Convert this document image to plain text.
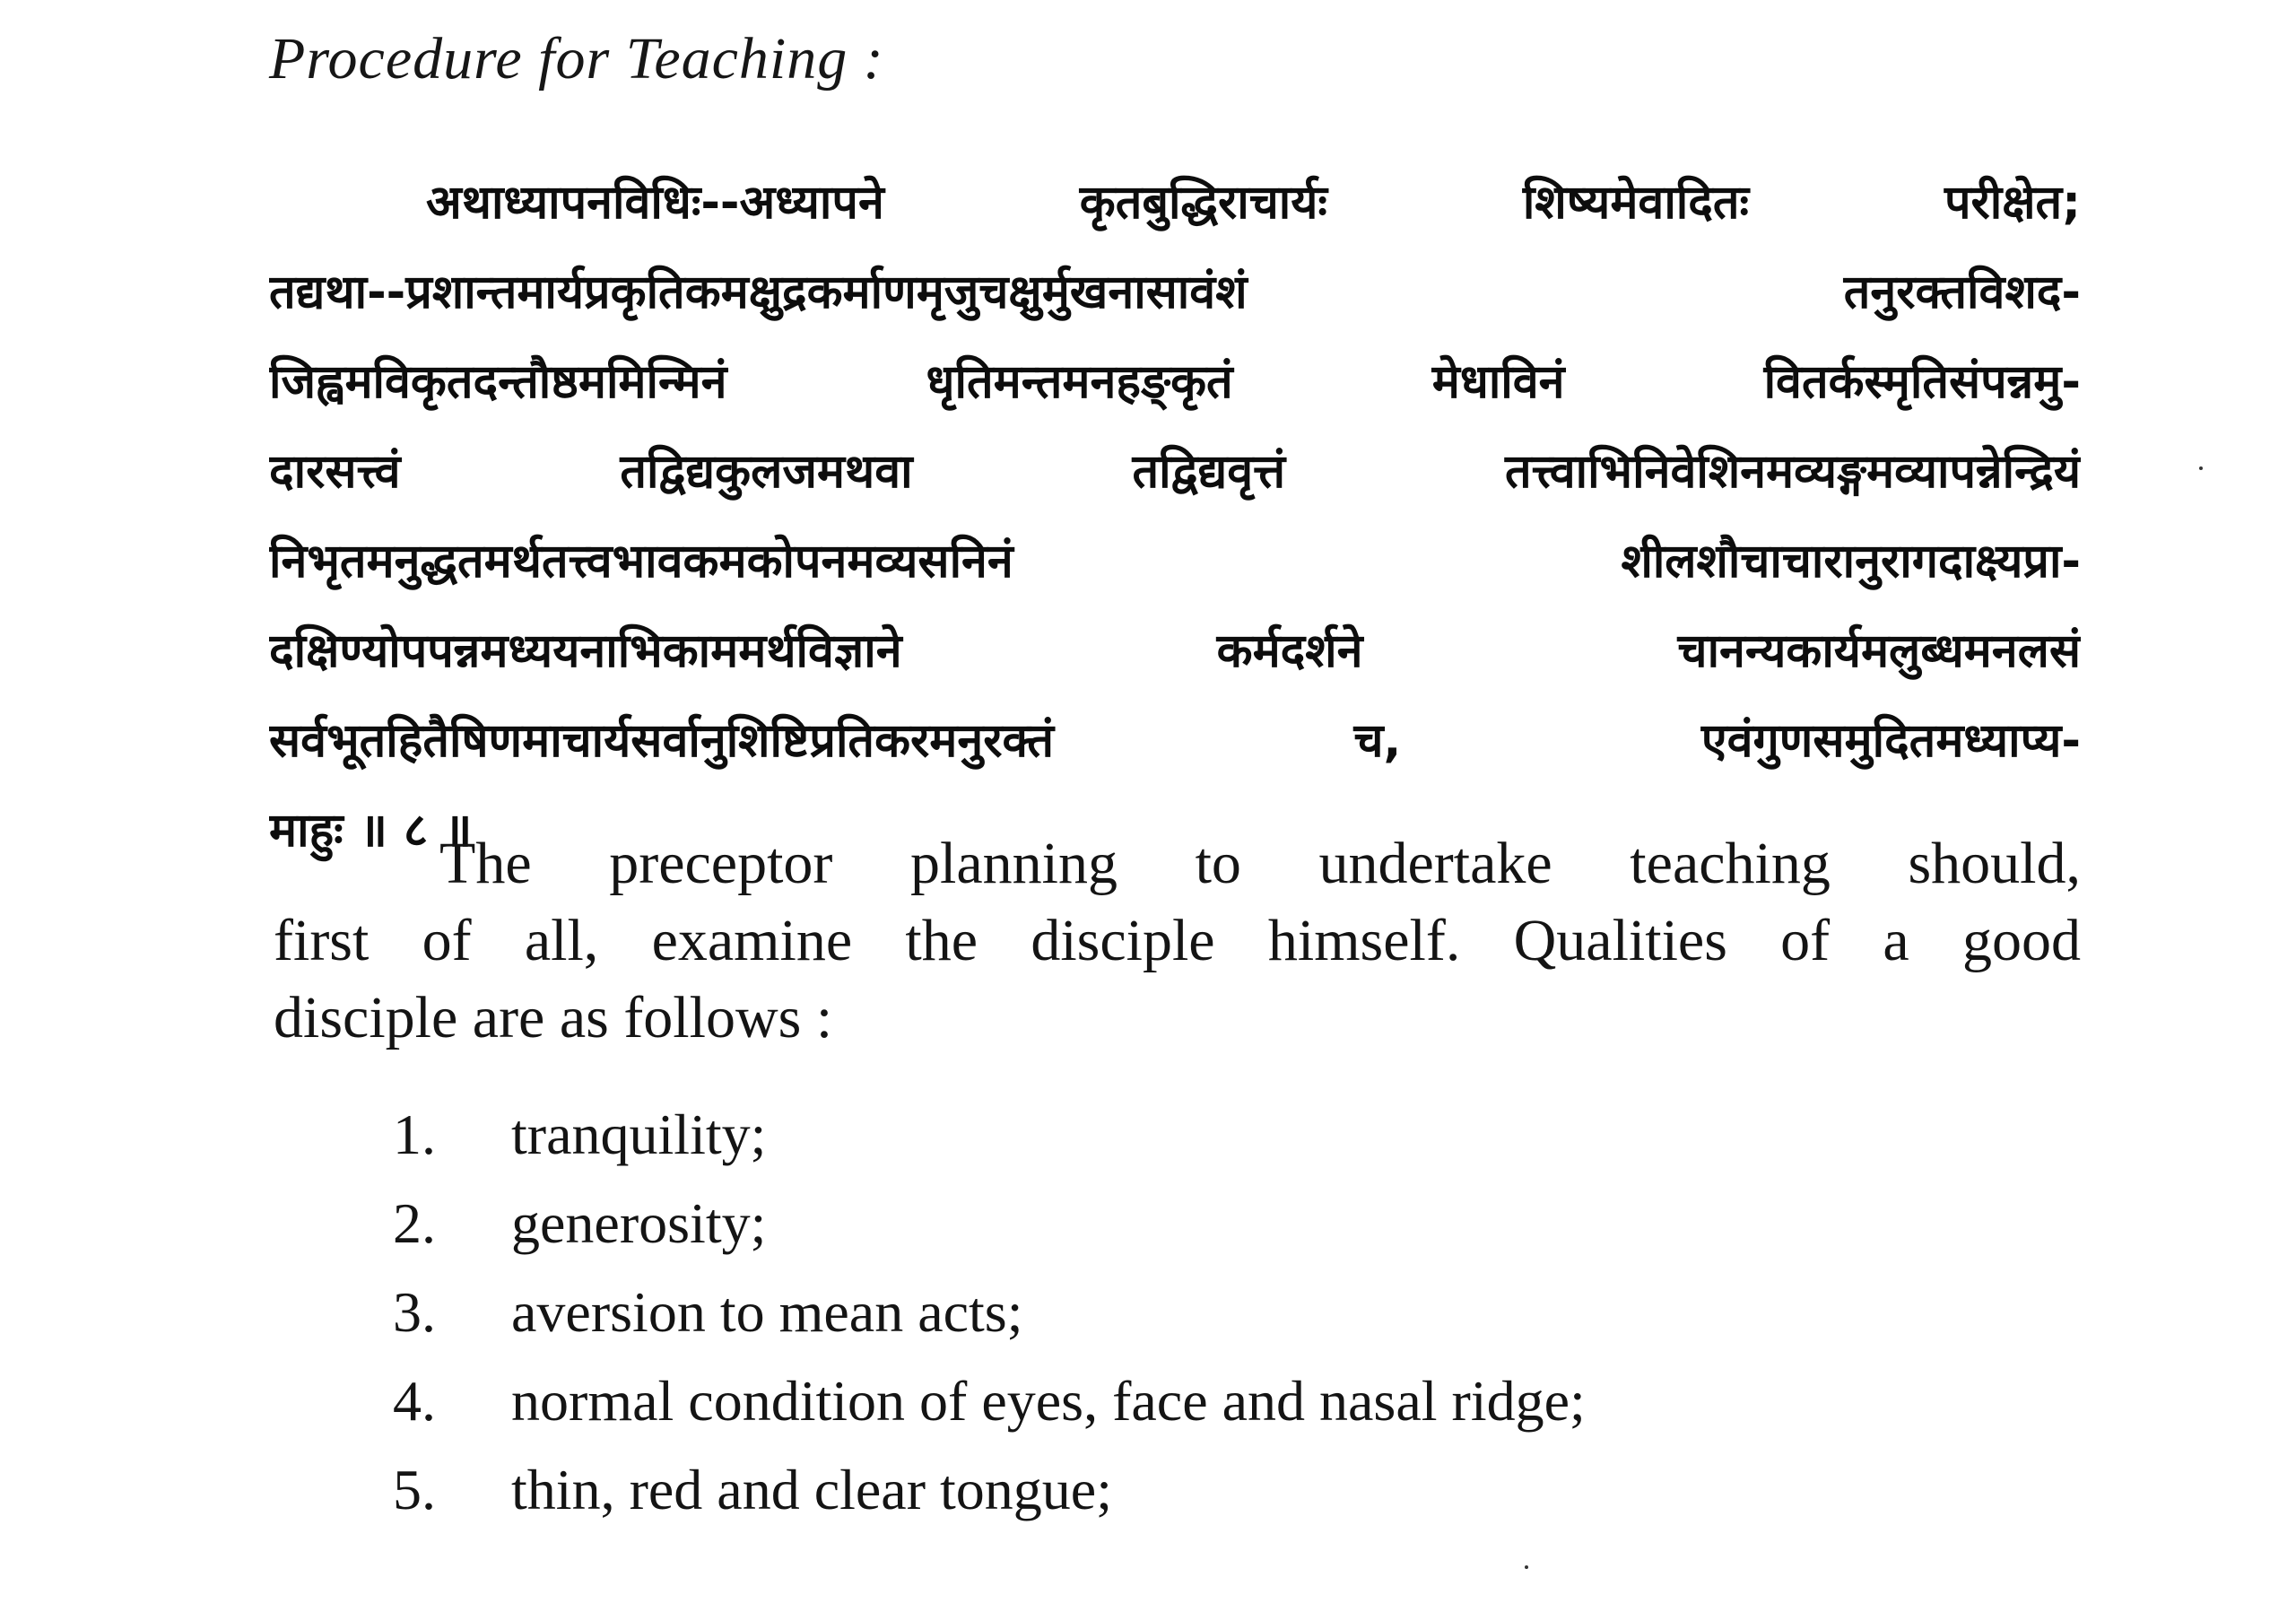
Procedure for Teaching :
अथाध्यापनविधिः--अध्यापने कृतबुद्धिराचार्यः शिष्यमेवादितः परीक्षेत;
तद्यथा--प्रशान्तमार्यप्रकृतिकमक्षुद्रकर्माणमृजुचक्षुर्मुखनासावंशं तनुरक्तविशद-
जिह्वमविकृतदन्तौष्ठममिन्मिनं धृतिमन्तमनहङ्कृतं मेधाविनं वितर्कस्मृतिसंपन्नमु-
दारसत्त्वं तद्विद्यकुलजमथवा तद्विद्यवृत्तं तत्त्वाभिनिवेशिनमव्यङ्गमव्यापन्नेन्द्रियं
निभृतमनुद्धतमर्थतत्त्वभावकमकोपनमव्यसनिनं शीलशौचाचारानुरागदाक्ष्यप्रा-
दक्षिण्योपपन्नमध्ययनाभिकाममर्थविज्ञाने कर्मदर्शने चानन्यकार्यमलुब्धमनलसं
सर्वभूतहितैषिणमाचार्यसर्वानुशिष्टिप्रतिकरमनुरक्तं च, एवंगुणसमुदितमध्याप्य-
माहुः ॥ ८ ॥
The preceptor planning to undertake teaching should,
first of all, examine the disciple himself. Qualities of a good
disciple are as follows :
1. tranquility;
2. generosity;
3. aversion to mean acts;
4. normal condition of eyes, face and nasal ridge;
5. thin, red and clear tongue;
